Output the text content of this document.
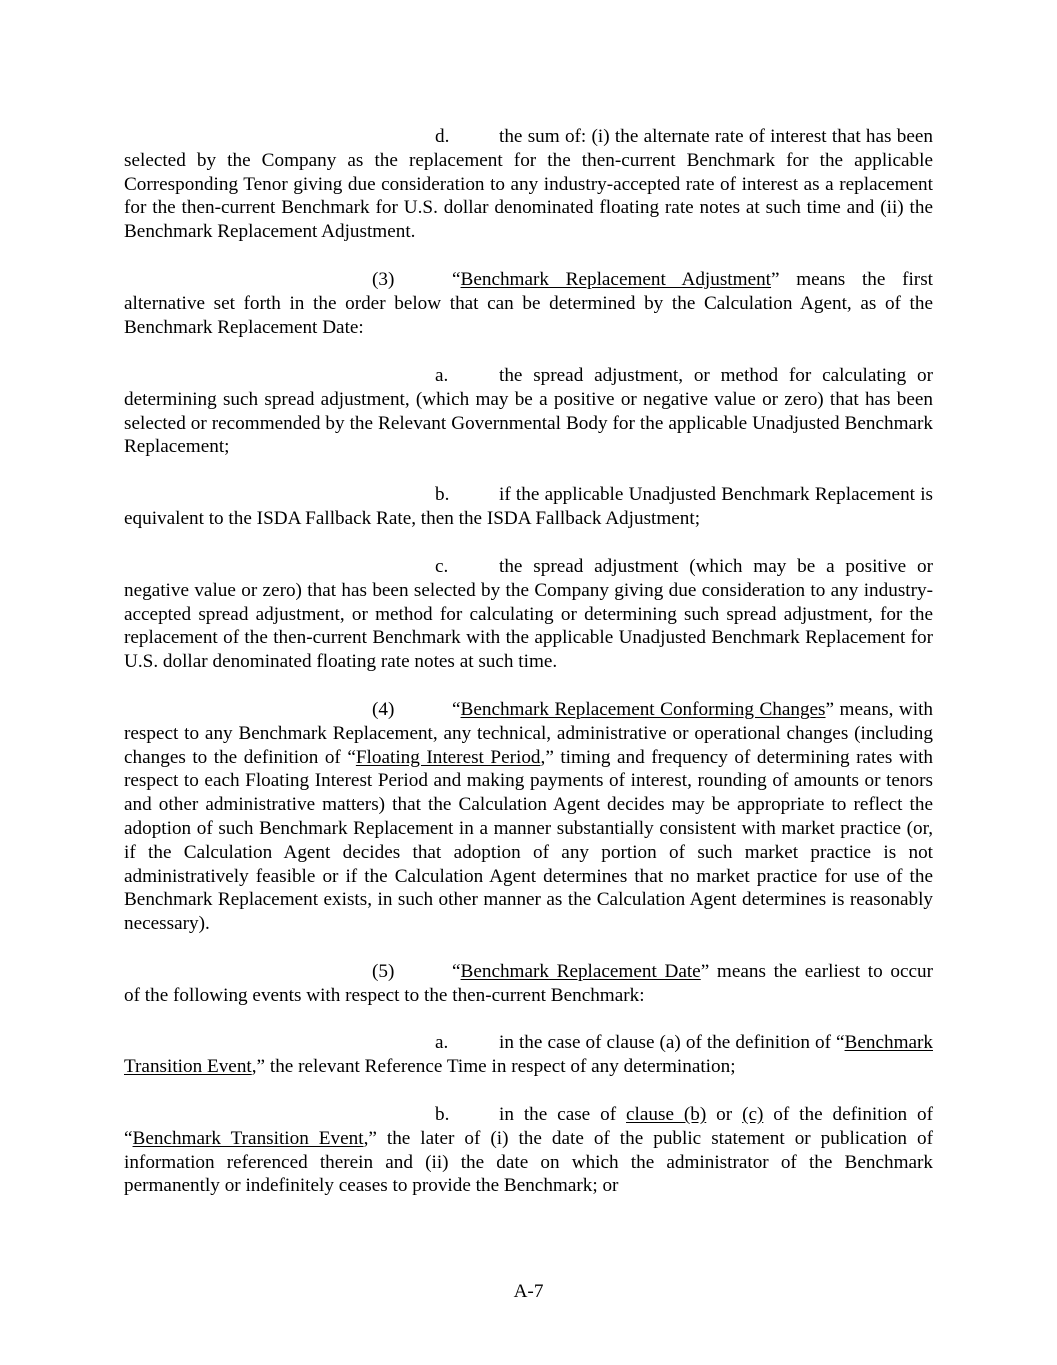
d.	the sum of: (i) the alternate rate of interest that has been selected by the Company as the replacement for the then-current Benchmark for the applicable Corresponding Tenor giving due consideration to any industry-accepted rate of interest as a replacement for the then-current Benchmark for U.S. dollar denominated floating rate notes at such time and (ii) the Benchmark Replacement Adjustment.

(3)	“Benchmark Replacement Adjustment” means the first alternative set forth in the order below that can be determined by the Calculation Agent, as of the Benchmark Replacement Date:

a.	the spread adjustment, or method for calculating or determining such spread adjustment, (which may be a positive or negative value or zero) that has been selected or recommended by the Relevant Governmental Body for the applicable Unadjusted Benchmark Replacement;

b.	if the applicable Unadjusted Benchmark Replacement is equivalent to the ISDA Fallback Rate, then the ISDA Fallback Adjustment;

c.	the spread adjustment (which may be a positive or negative value or zero) that has been selected by the Company giving due consideration to any industry-accepted spread adjustment, or method for calculating or determining such spread adjustment, for the replacement of the then-current Benchmark with the applicable Unadjusted Benchmark Replacement for U.S. dollar denominated floating rate notes at such time.

(4)	“Benchmark Replacement Conforming Changes” means, with respect to any Benchmark Replacement, any technical, administrative or operational changes (including changes to the definition of “Floating Interest Period,” timing and frequency of determining rates with respect to each Floating Interest Period and making payments of interest, rounding of amounts or tenors and other administrative matters) that the Calculation Agent decides may be appropriate to reflect the adoption of such Benchmark Replacement in a manner substantially consistent with market practice (or, if the Calculation Agent decides that adoption of any portion of such market practice is not administratively feasible or if the Calculation Agent determines that no market practice for use of the Benchmark Replacement exists, in such other manner as the Calculation Agent determines is reasonably necessary).

(5)	“Benchmark Replacement Date” means the earliest to occur of the following events with respect to the then-current Benchmark:

a.	in the case of clause (a) of the definition of “Benchmark Transition Event,” the relevant Reference Time in respect of any determination;

b.	in the case of clause (b) or (c) of the definition of “Benchmark Transition Event,” the later of (i) the date of the public statement or publication of information referenced therein and (ii) the date on which the administrator of the Benchmark permanently or indefinitely ceases to provide the Benchmark; or

A-7
